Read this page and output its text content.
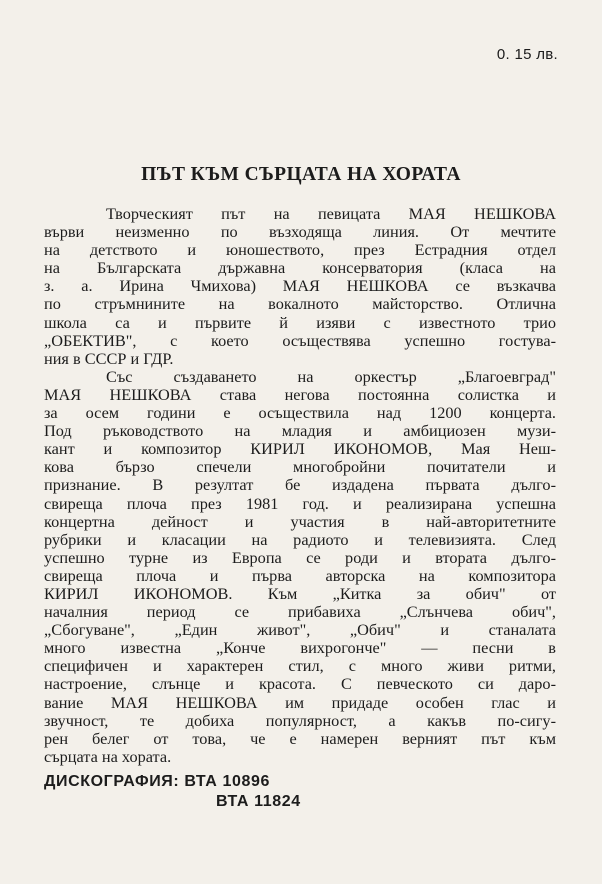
0. 15 лв.
ПЪТ КЪМ СЪРЦАТА НА ХОРАТА
Творческият път на певицата МАЯ НЕШКОВА
върви неизменно по възходяща линия. От мечтите
на детството и юношеството, през Естрадния отдел
на Българската държавна консерватория (класа на
з. а. Ирина Чмихова) МАЯ НЕШКОВА се възкачва
по стръмнините на вокалното майсторство. Отлична
школа са и първите й изяви с известното трио
„ОБЕКТИВ", с което осъществява успешно гостува-
ния в СССР и ГДР.
Със създаването на оркестър „Благоевград"
МАЯ НЕШКОВА става негова постоянна солистка и
за осем години е осъществила над 1200 концерта.
Под ръководството на младия и амбициозен музи-
кант и композитор КИРИЛ ИКОНОМОВ, Мая Неш-
кова бързо спечели многобройни почитатели и
признание. В резултат бе издадена първата дълго-
свиреща плоча през 1981 год. и реализирана успешна
концертна дейност и участия в най-авторитетните
рубрики и класации на радиото и телевизията. След
успешно турне из Европа се роди и втората дълго-
свиреща плоча и първа авторска на композитора
КИРИЛ ИКОНОМОВ. Към „Китка за обич" от
началния период се прибавиха „Слънчева обич",
„Сбогуване", „Един живот", „Обич" и станалата
много известна „Конче вихрогонче" — песни в
специфичен и характерен стил, с много живи ритми,
настроение, слънце и красота. С певческото си даро-
вание МАЯ НЕШКОВА им придаде особен глас и
звучност, те добиха популярност, а какъв по-сигу-
рен белег от това, че е намерен верният път към
сърцата на хората.
ДИСКОГРАФИЯ: ВТА 10896
ВТА 11824
